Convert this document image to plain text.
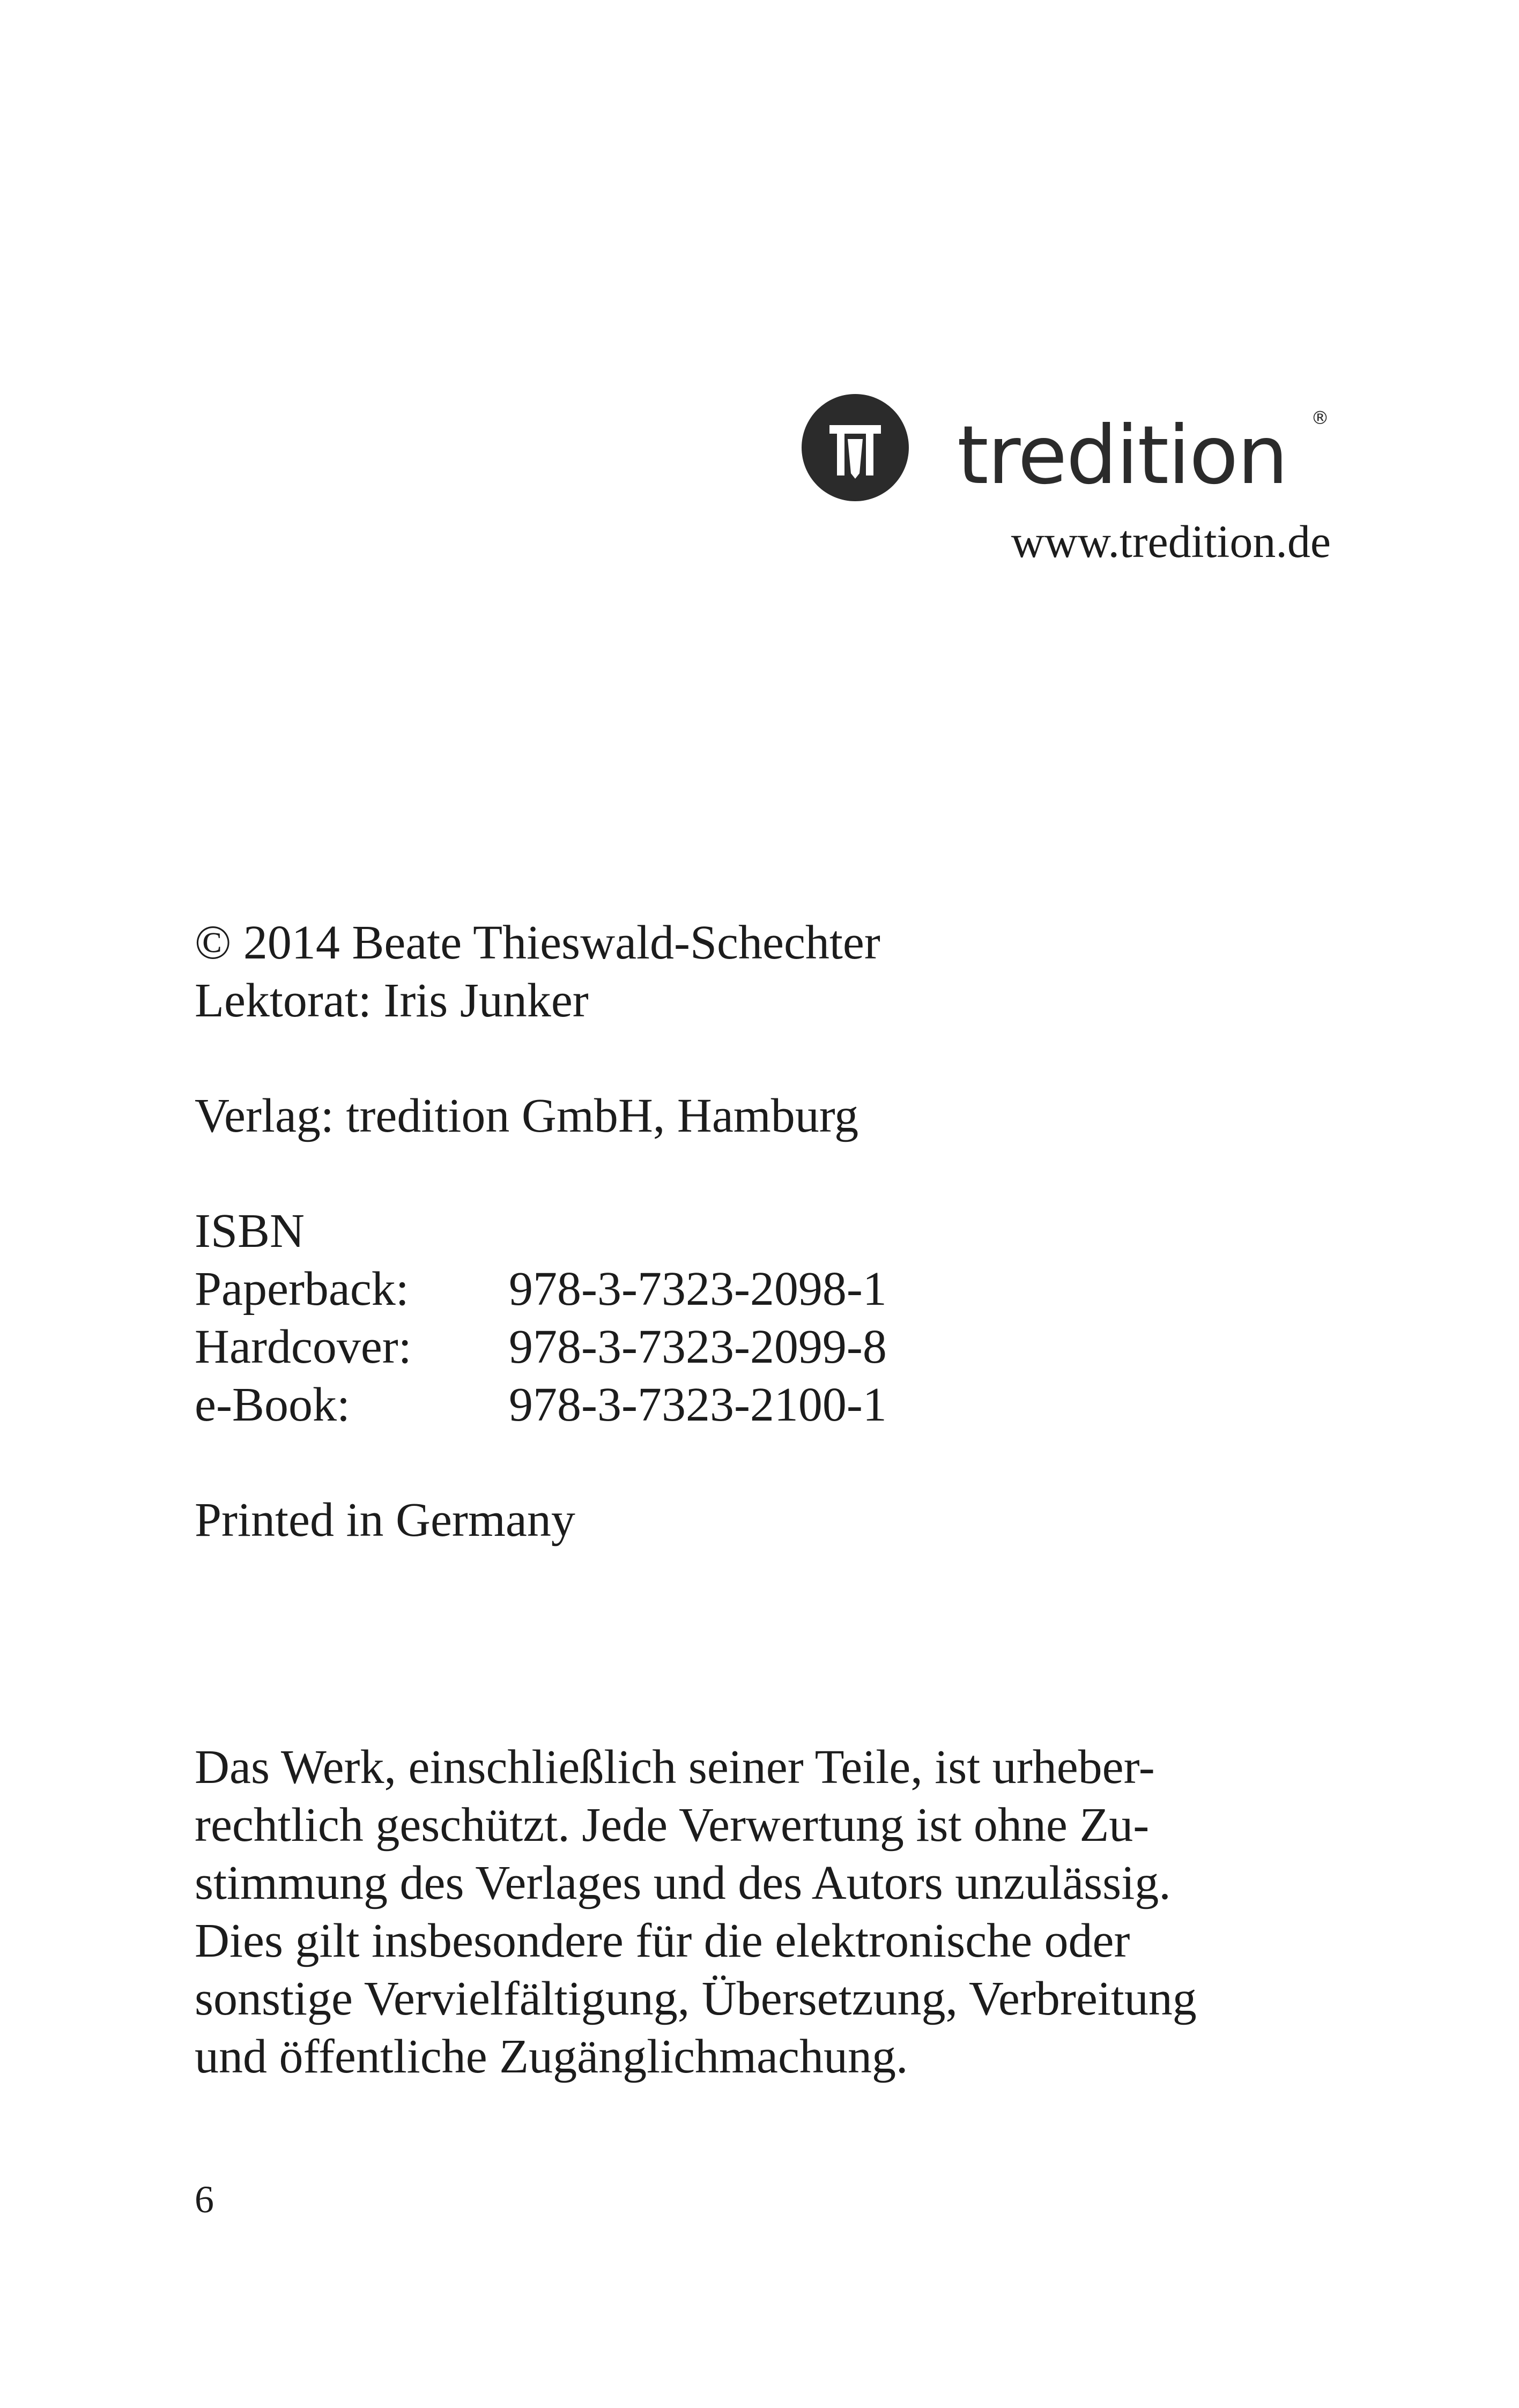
tredition ®
www.tredition.de
© 2014 Beate Thieswald-Schechter
Lektorat: Iris Junker
Verlag: tredition GmbH, Hamburg
ISBN
Paperback: 978-3-7323-2098-1
Hardcover: 978-3-7323-2099-8
e-Book:	978-3-7323-2100-1
Printed in Germany
Das Werk, einschließlich seiner Teile, ist urheber-
rechtlich geschützt. Jede Verwertung ist ohne Zu-
stimmung des Verlages und des Autors unzulässig.
Dies gilt insbesondere für die elektronische oder
sonstige Vervielfältigung, Übersetzung, Verbreitung
und öffentliche Zugänglichmachung.
6
